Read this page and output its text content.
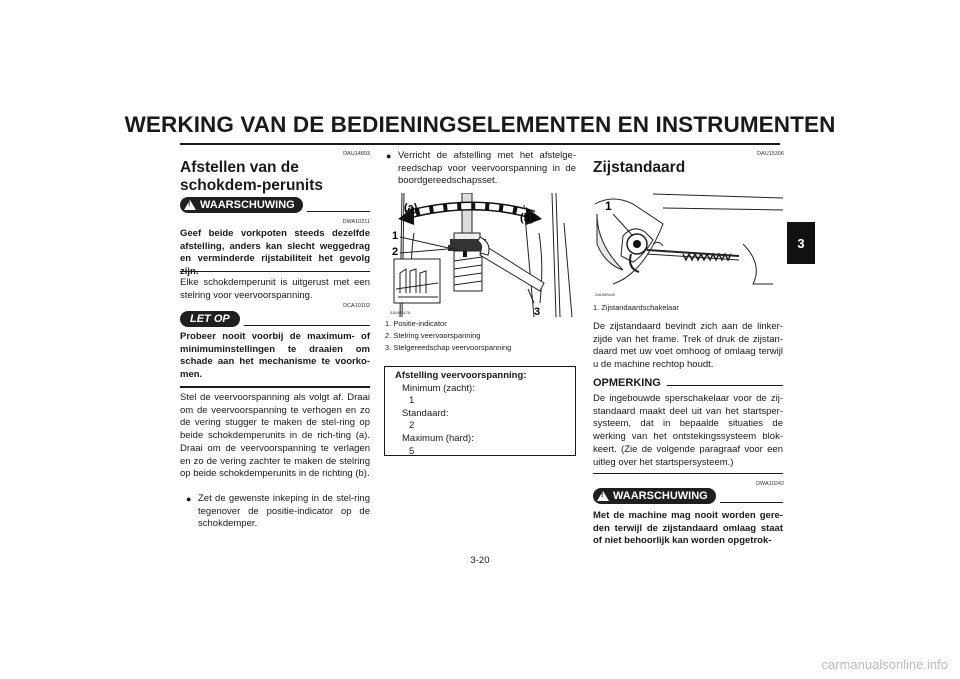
WERKING VAN DE BEDIENINGSELEMENTEN EN INSTRUMENTEN
3
DAU14893
Afstellen van de schokdem-perunits
! WAARSCHUWING
DWA10211
Geef beide vorkpoten steeds dezelfde afstelling, anders kan slecht weggedrag en verminderde rijstabiliteit het gevolg
Elke schokdemperunit is uitgerust met een stelring voor veervoorspanning.
LET OP
DCA10102
Probeer nooit voorbij de maximum- of minimuminstellingen te draaien om schade aan het mechanisme te voorko-men.
Stel de veervoorspanning als volgt af. Draai om de veervoorspanning te verhogen en zo de vering stugger te maken de stel-ring op beide schokdemperunits in de rich-ting (a). Draai om de veervoorspanning te verlagen en zo de vering zachter te maken de stelring op beide schokdemperunits in de richting (b).
● Zet de gewenste inkeping in de stel-ring tegenover de positie-indicator op de schokdemper.
● Verricht de afstelling met het afstelge-reedschap voor veervoorspanning in de boordgereedschapsset.
ZAUM0170
(a)
(b)
1
2
3
1. Positie-indicator
2. Stelring veervoorspanning
3. Stelgereedschap veervoorspanning
Afstelling veervoorspanning:
Minimum (zacht):
1
Standaard:
2
Maximum (hard):
5
DAU15306
Zijstandaard
ZAUM0449
1
1. Zijstandaardschakelaar
De zijstandaard bevindt zich aan de linker-zijde van het frame. Trek of druk de zijstan-daard met uw voet omhoog of omlaag terwijl u de machine rechtop houdt.
OPMERKING
De ingebouwde sperschakelaar voor de zij-standaard maakt deel uit van het startsper-systeem, dat in bepaalde situaties de werking van het ontstekingssysteem blok-keert. (Zie de volgende paragraaf voor een uitleg over het startspersysteem.)
DWA10242
! WAARSCHUWING
Met de machine mag nooit worden gere-den terwijl de zijstandaard omlaag staat of niet behoorlijk kan worden opgetrok-
3-20
carmanualsonline.info
